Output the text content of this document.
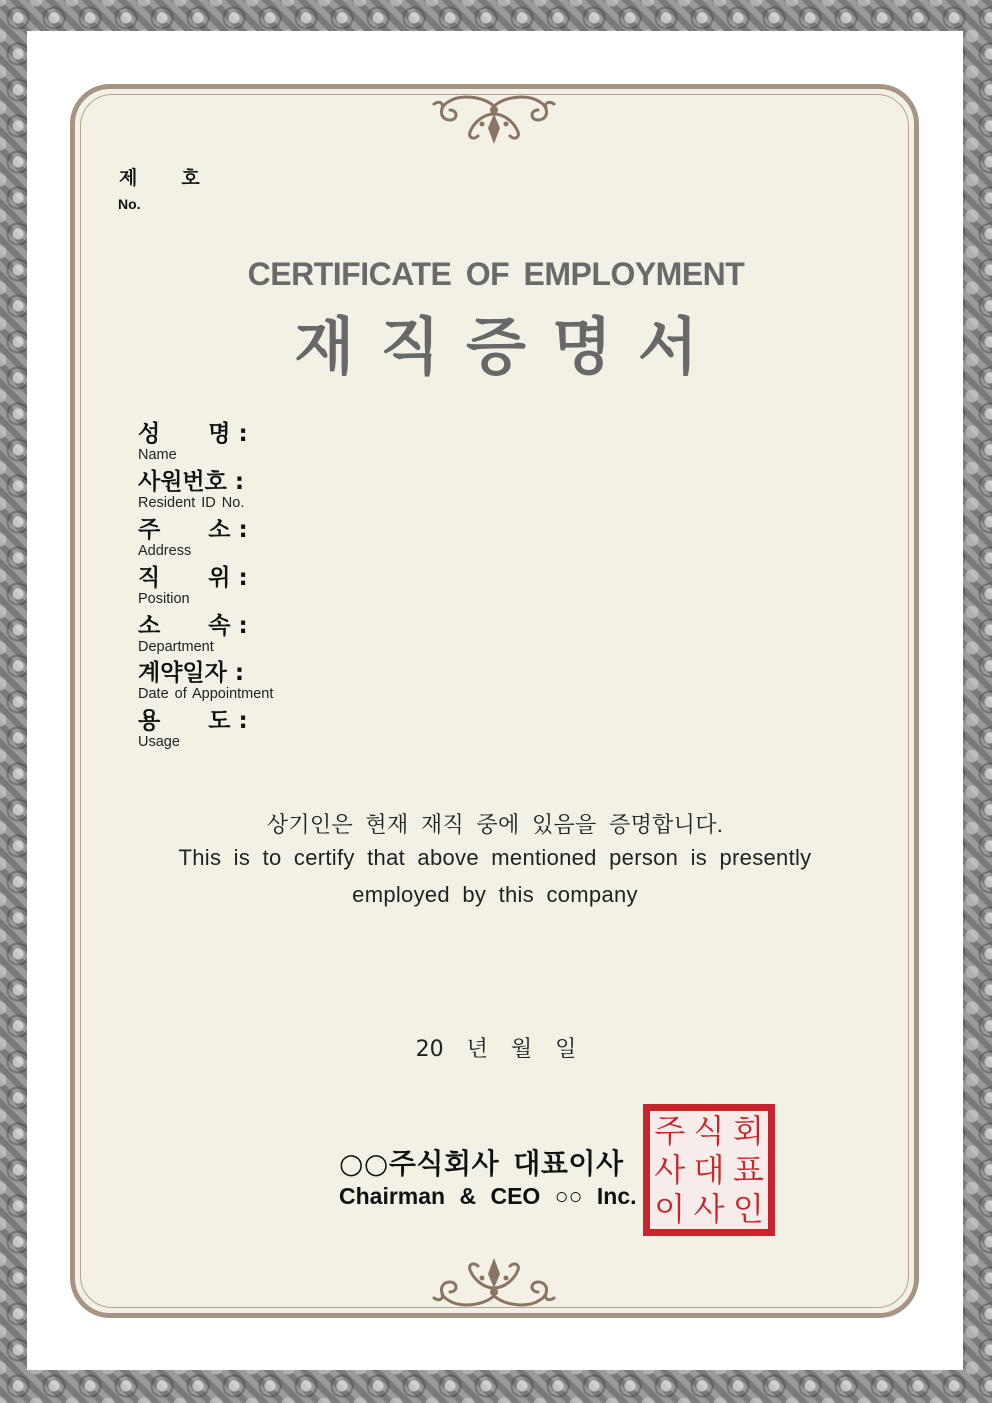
제호
No.
CERTIFICATE OF EMPLOYMENT
재직증명서
성      명 :
Name
사원번호 :
Resident ID No.
주      소 :
Address
직      위 :
Position
소      속 :
Department
계약일자 :
Date of Appointment
용      도 :
Usage
상기인은 현재 재직 중에 있음을 증명합니다.
This is to certify that above mentioned person is presently
employed by this company
20 년 월 일
○○주식회사 대표이사
Chairman & CEO ○○ Inc.
주 식 회
사 대 표
이 사 인
